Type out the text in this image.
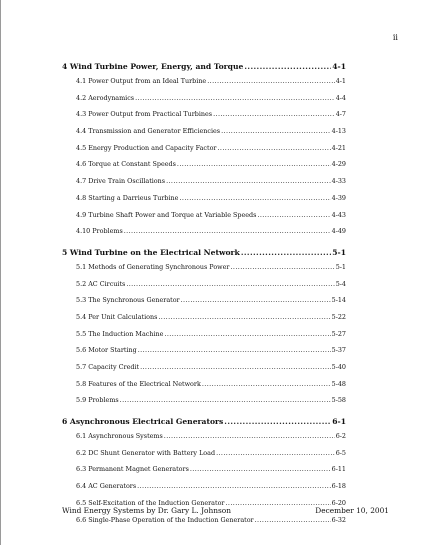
ii
4 Wind Turbine Power, Energy, and Torque .....	4-1
4.1 Power Output from an Ideal Turbine .....	4-1
4.2 Aerodynamics .....	4-4
4.3 Power Output from Practical Turbines .....	4-7
4.4 Transmission and Generator Efficiencies .....	4-13
4.5 Energy Production and Capacity Factor .....	4-21
4.6 Torque at Constant Speeds .....	4-29
4.7 Drive Train Oscillations .....	4-33
4.8 Starting a Darrieus Turbine .....	4-39
4.9 Turbine Shaft Power and Torque at Variable Speeds .....	4-43
4.10 Problems .....	4-49
5 Wind Turbine on the Electrical Network .....	5-1
5.1 Methods of Generating Synchronous Power .....	5-1
5.2 AC Circuits .....	5-4
5.3 The Synchronous Generator .....	5-14
5.4 Per Unit Calculations .....	5-22
5.5 The Induction Machine .....	5-27
5.6 Motor Starting .....	5-37
5.7 Capacity Credit .....	5-40
5.8 Features of the Electrical Network .....	5-48
5.9 Problems .....	5-58
6 Asynchronous Electrical Generators .....	6-1
6.1 Asynchronous Systems .....	6-2
6.2 DC Shunt Generator with Battery Load .....	6-5
6.3 Permanent Magnet Generators .....	6-11
6.4 AC Generators .....	6-18
6.5 Self-Excitation of the Induction Generator .....	6-20
6.6 Single-Phase Operation of the Induction Generator .....	6-32
Wind Energy Systems by Dr. Gary L. Johnson	December 10, 2001
